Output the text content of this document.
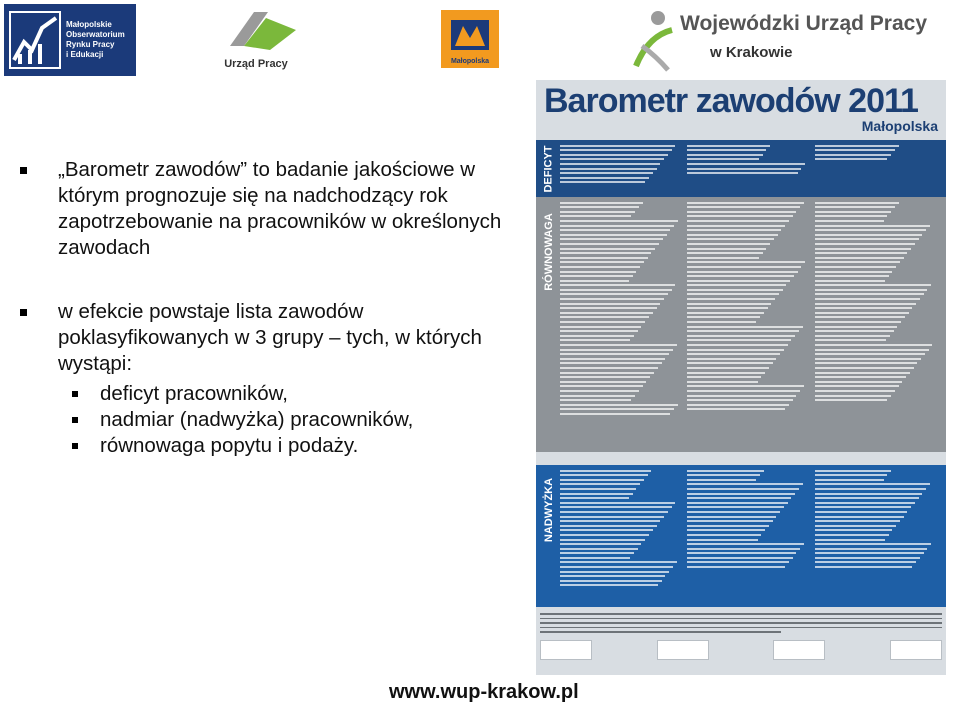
Małopolskie
Obserwatorium
Rynku Pracy
i Edukacji
Urząd Pracy	Małopolska
Wojewódzki Urząd Pracy
w Krakowie
„Barometr zawodów” to badanie jakościowe w którym prognozuje się na nadchodzący rok zapotrzebowanie na pracowników w określonych zawodach
w efekcie powstaje lista zawodów poklasyfikowanych w 3 grupy – tych, w których wystąpi:
deficyt pracowników,
nadmiar (nadwyżka) pracowników,
równowaga popytu i podaży.
Barometr zawodów 2011
Małopolska
DEFICYT
RÓWNOWAGA
NADWYŻKA
www.wup-krakow.pl
